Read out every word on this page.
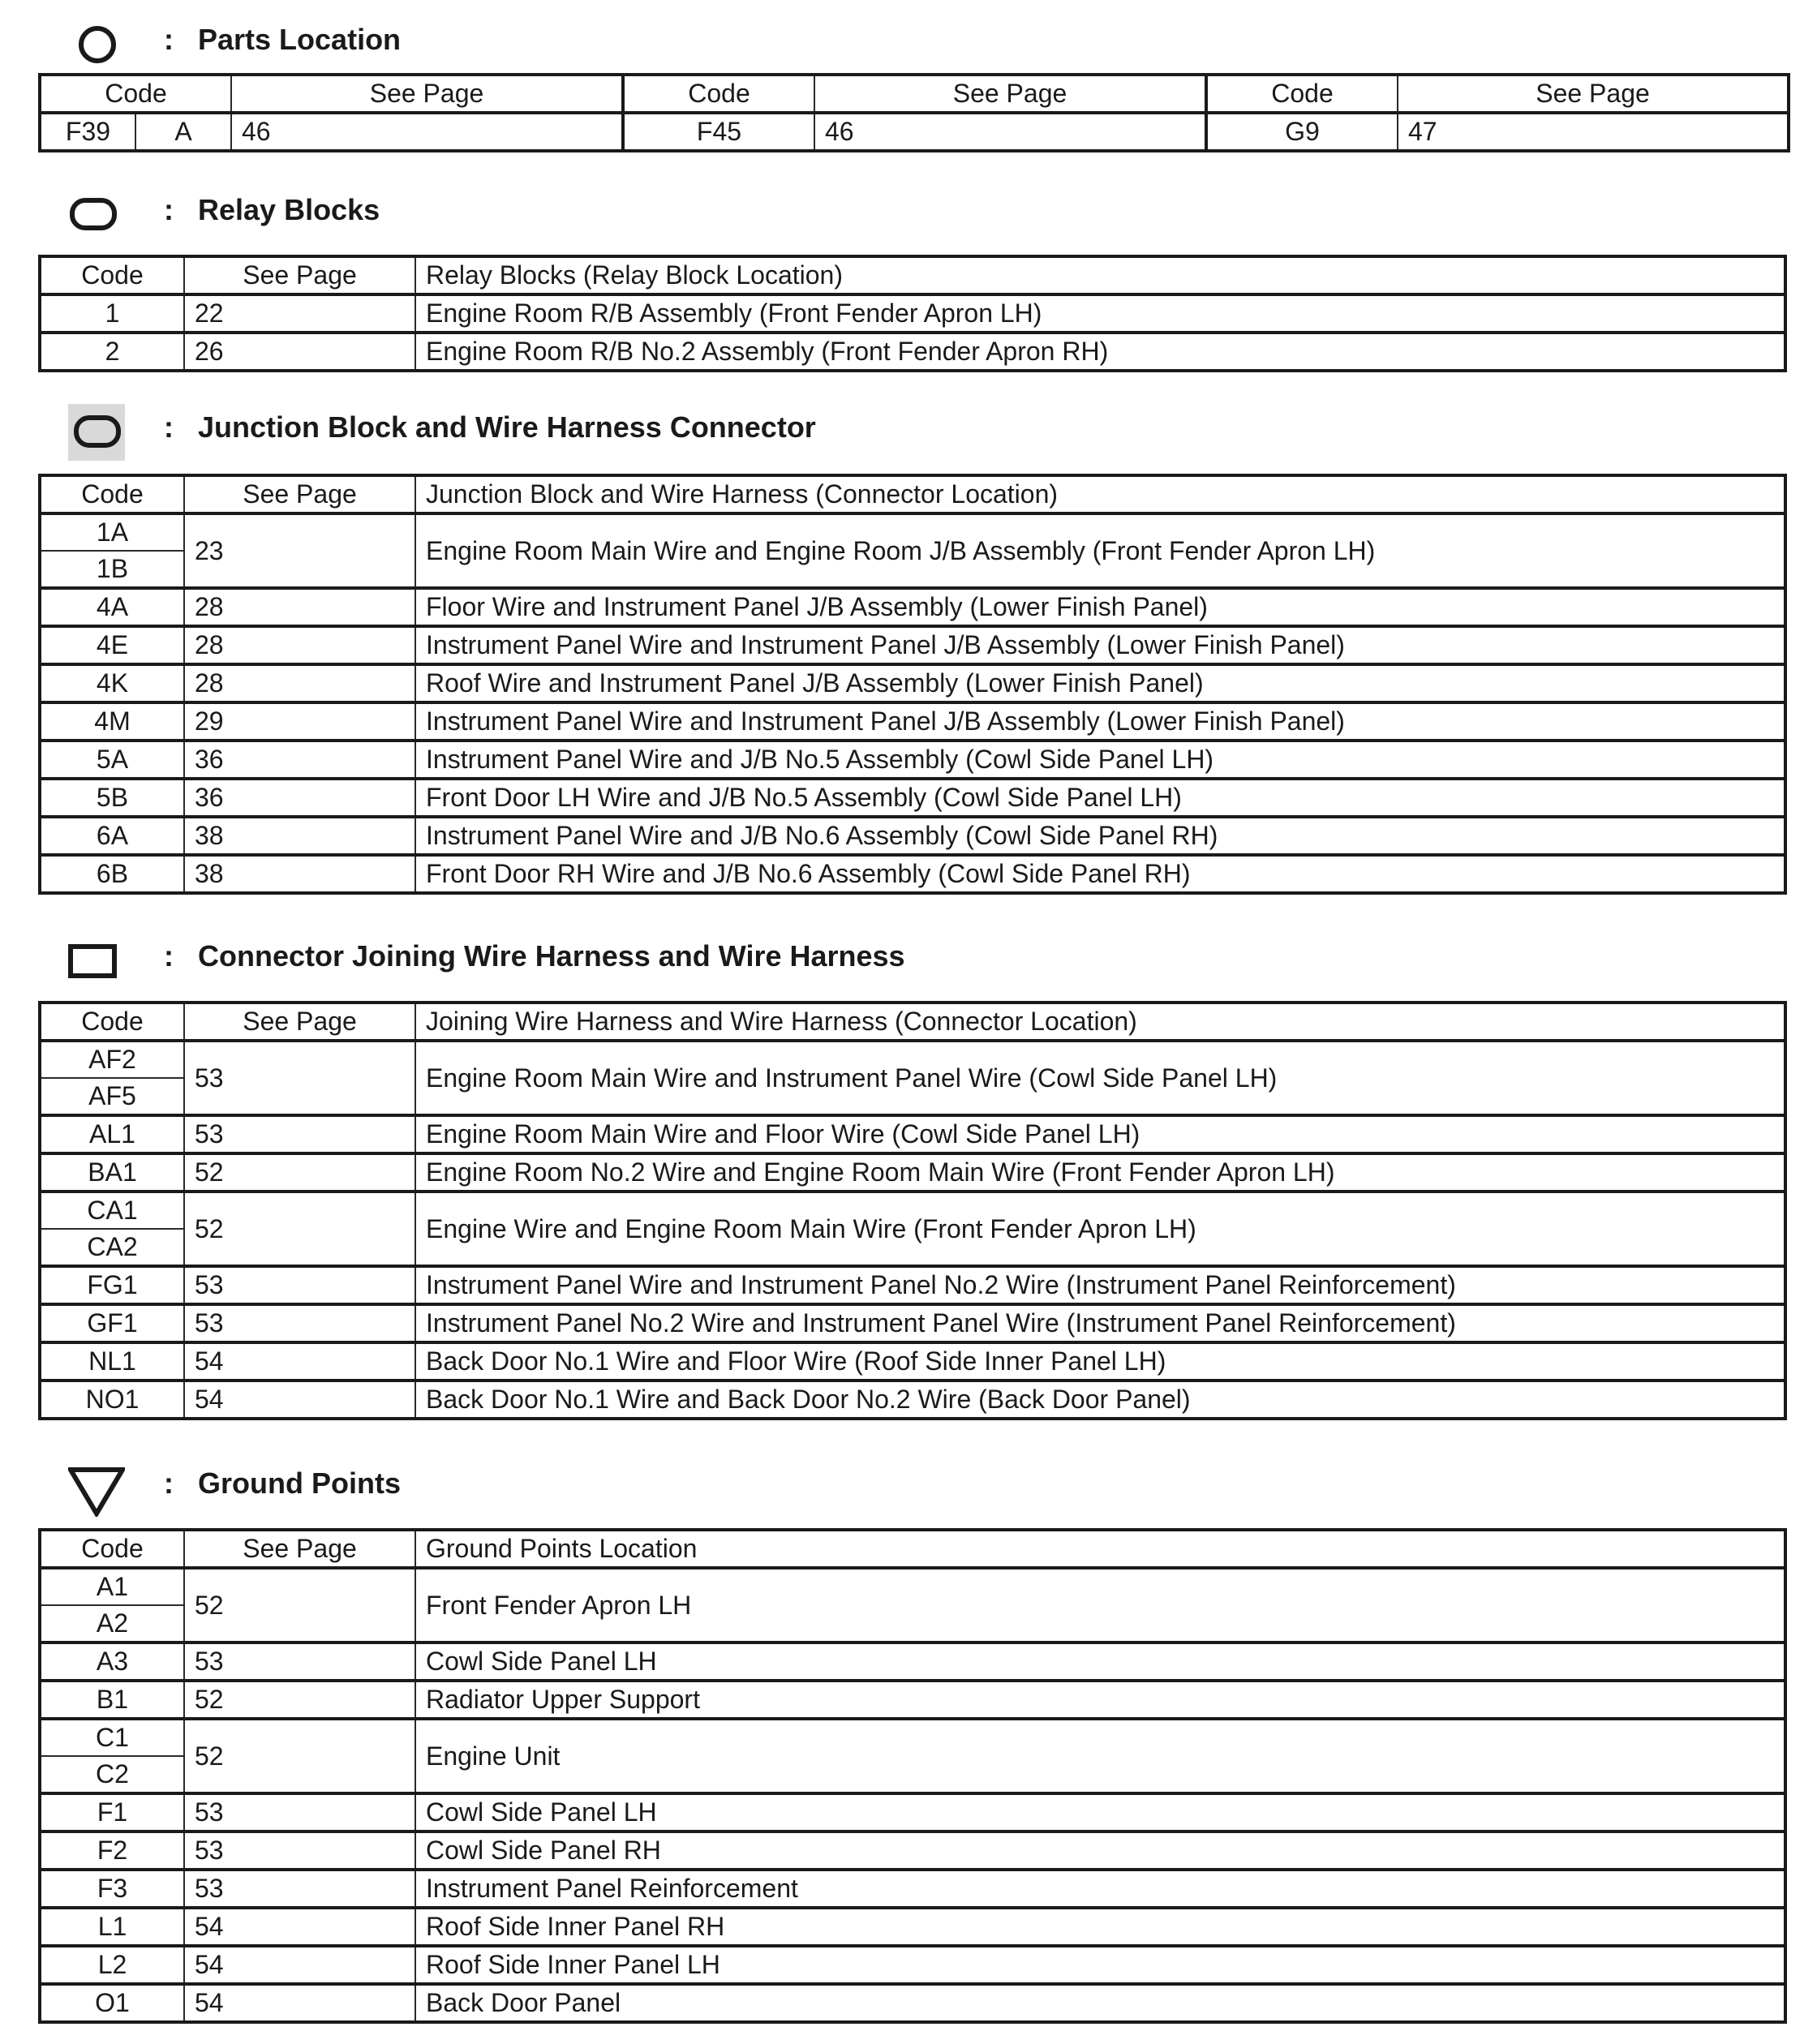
: Parts Location
Code		See Page	Code	See Page	Code	See Page
F39	A	46	F45	46	G9	47
: Relay Blocks
Code	See Page	Relay Blocks (Relay Block Location)
1	22	Engine Room R/B Assembly (Front Fender Apron LH)
2	26	Engine Room R/B No.2 Assembly (Front Fender Apron RH)
: Junction Block and Wire Harness Connector
Code	See Page	Junction Block and Wire Harness (Connector Location)
1A	23	Engine Room Main Wire and Engine Room J/B Assembly (Front Fender Apron LH)
1B		
4A	28	Floor Wire and Instrument Panel J/B Assembly (Lower Finish Panel)
4E	28	Instrument Panel Wire and Instrument Panel J/B Assembly (Lower Finish Panel)
4K	28	Roof Wire and Instrument Panel J/B Assembly (Lower Finish Panel)
4M	29	Instrument Panel Wire and Instrument Panel J/B Assembly (Lower Finish Panel)
5A	36	Instrument Panel Wire and J/B No.5 Assembly (Cowl Side Panel LH)
5B	36	Front Door LH Wire and J/B No.5 Assembly (Cowl Side Panel LH)
6A	38	Instrument Panel Wire and J/B No.6 Assembly (Cowl Side Panel RH)
6B	38	Front Door RH Wire and J/B No.6 Assembly (Cowl Side Panel RH)
: Connector Joining Wire Harness and Wire Harness
Code	See Page	Joining Wire Harness and Wire Harness (Connector Location)
AF2	53	Engine Room Main Wire and Instrument Panel Wire (Cowl Side Panel LH)
AF5		
AL1	53	Engine Room Main Wire and Floor Wire (Cowl Side Panel LH)
BA1	52	Engine Room No.2 Wire and Engine Room Main Wire (Front Fender Apron LH)
CA1	52	Engine Wire and Engine Room Main Wire (Front Fender Apron LH)
CA2		
FG1	53	Instrument Panel Wire and Instrument Panel No.2 Wire (Instrument Panel Reinforcement)
GF1	53	Instrument Panel No.2 Wire and Instrument Panel Wire (Instrument Panel Reinforcement)
NL1	54	Back Door No.1 Wire and Floor Wire (Roof Side Inner Panel LH)
NO1	54	Back Door No.1 Wire and Back Door No.2 Wire (Back Door Panel)
: Ground Points
Code	See Page	Ground Points Location
A1	52	Front Fender Apron LH
A2		
A3	53	Cowl Side Panel LH
B1	52	Radiator Upper Support
C1	52	Engine Unit
C2		
F1	53	Cowl Side Panel LH
F2	53	Cowl Side Panel RH
F3	53	Instrument Panel Reinforcement
L1	54	Roof Side Inner Panel RH
L2	54	Roof Side Inner Panel LH
O1	54	Back Door Panel
